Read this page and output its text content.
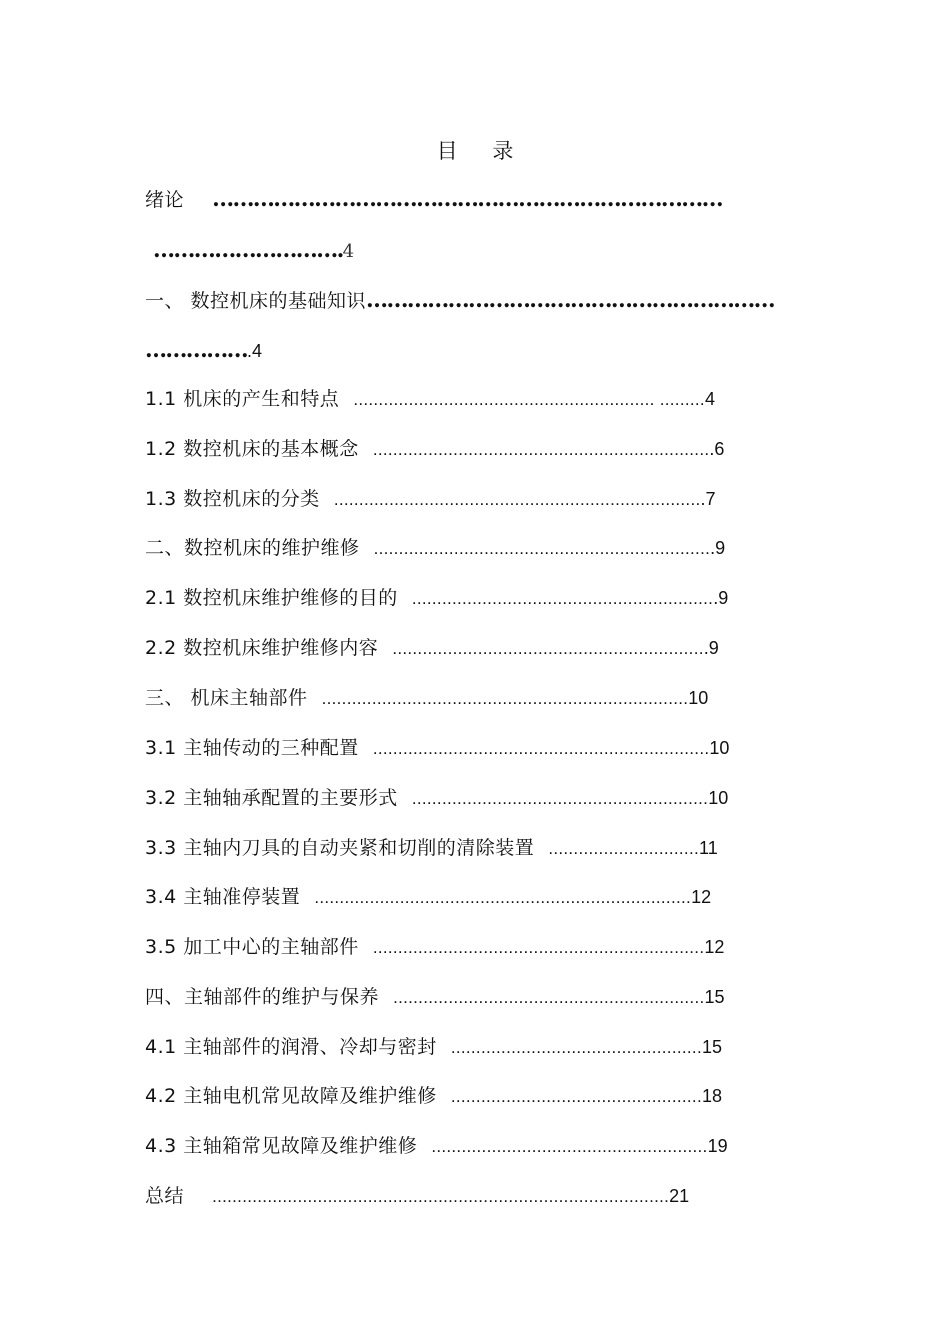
目 录
绪论 …………………………………………………………………
……………………….4
一、 数控机床的基础知识……………………………………………………
…………….4
1.1 机床的产生和特点 ............................................................ .........4
1.2 数控机床的基本概念 ....................................................................6
1.3 数控机床的分类 ..........................................................................7
二、数控机床的维护维修 ....................................................................9
2.1 数控机床维护维修的目的 .............................................................9
2.2 数控机床维护维修内容 ...............................................................9
三、 机床主轴部件 .........................................................................10
3.1 主轴传动的三种配置 ...................................................................10
3.2 主轴轴承配置的主要形式 ...........................................................10
3.3 主轴内刀具的自动夹紧和切削的清除装置 ..............................11
3.4 主轴准停装置 ...........................................................................12
3.5 加工中心的主轴部件 ..................................................................12
四、主轴部件的维护与保养 ..............................................................15
4.1 主轴部件的润滑、冷却与密封 ..................................................15
4.2 主轴电机常见故障及维护维修 ..................................................18
4.3 主轴箱常见故障及维护维修 .......................................................19
总结 ...........................................................................................21
